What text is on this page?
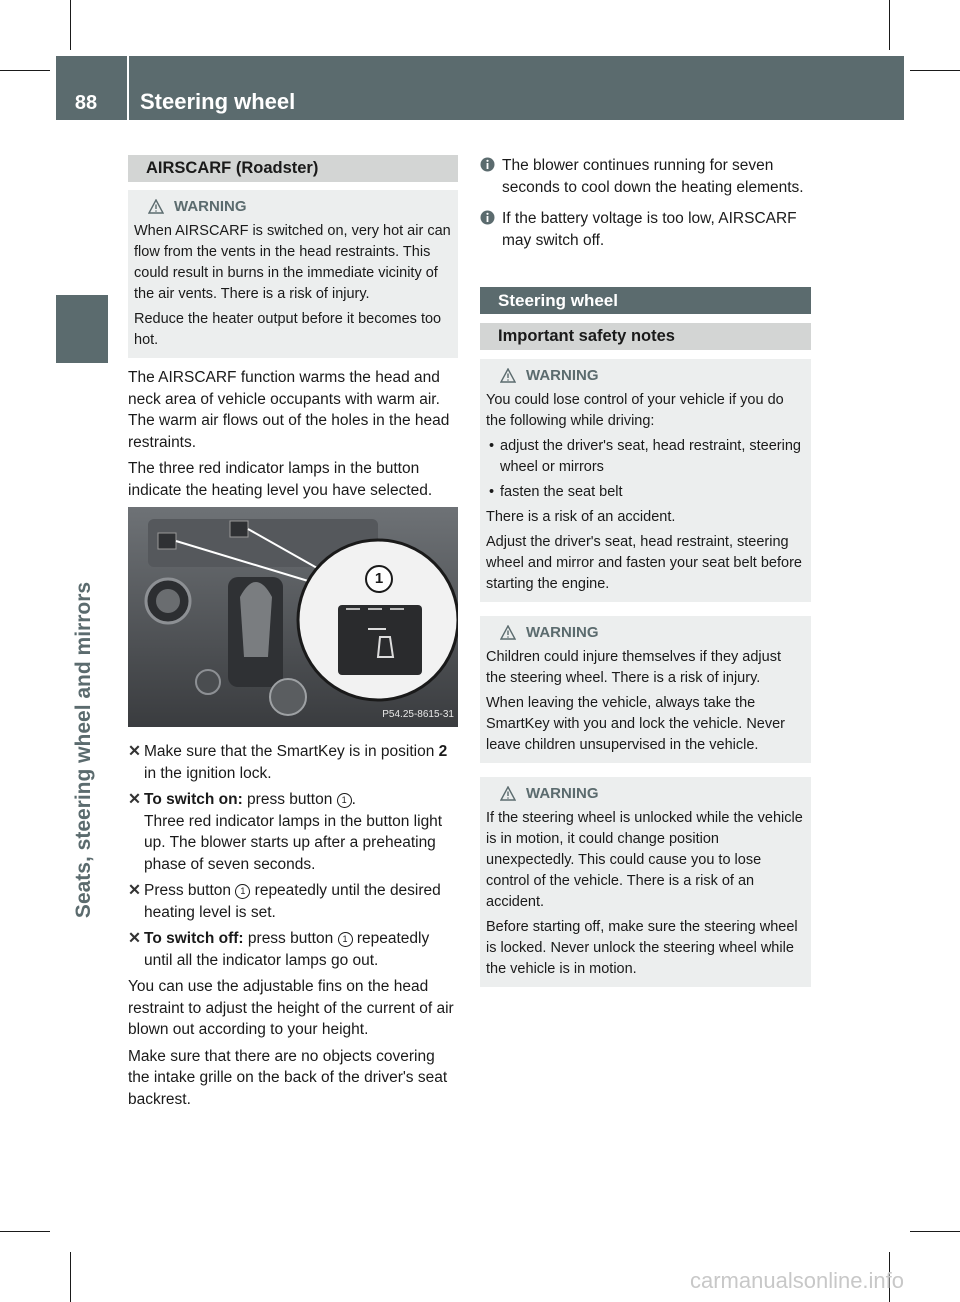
88	Steering wheel
Seats, steering wheel and mirrors
AIRSCARF (Roadster)
WARNING

When AIRSCARF is switched on, very hot air can flow from the vents in the head restraints. This could result in burns in the immediate vicinity of the air vents. There is a risk of injury.

Reduce the heater output before it becomes too hot.

The AIRSCARF function warms the head and neck area of vehicle occupants with warm air. The warm air flows out of the holes in the head restraints.

The three red indicator lamps in the button indicate the heating level you have selected.

1
P54.25-8615-31
✕ Make sure that the SmartKey is in position 2 in the ignition lock.
✕ To switch on: press button 1 .
Three red indicator lamps in the button light up. The blower starts up after a preheating phase of seven seconds.
✕ Press button 1 repeatedly until the desired heating level is set.
✕ To switch off: press button 1 repeatedly until all the indicator lamps go out.

You can use the adjustable fins on the head restraint to adjust the height of the current of air blown out according to your height.

Make sure that there are no objects covering the intake grille on the back of the driver's seat backrest.

The blower continues running for seven seconds to cool down the heating elements.
If the battery voltage is too low, AIRSCARF may switch off.
Steering wheel
Important safety notes
WARNING

You could lose control of your vehicle if you do the following while driving:

• adjust the driver's seat, head restraint, steering wheel or mirrors
• fasten the seat belt

There is a risk of an accident.

Adjust the driver's seat, head restraint, steering wheel and mirror and fasten your seat belt before starting the engine.

WARNING

Children could injure themselves if they adjust the steering wheel. There is a risk of injury.

When leaving the vehicle, always take the SmartKey with you and lock the vehicle. Never leave children unsupervised in the vehicle.

WARNING

If the steering wheel is unlocked while the vehicle is in motion, it could change position unexpectedly. This could cause you to lose control of the vehicle. There is a risk of an accident.

Before starting off, make sure the steering wheel is locked. Never unlock the steering wheel while the vehicle is in motion.

carmanualsonline.info
